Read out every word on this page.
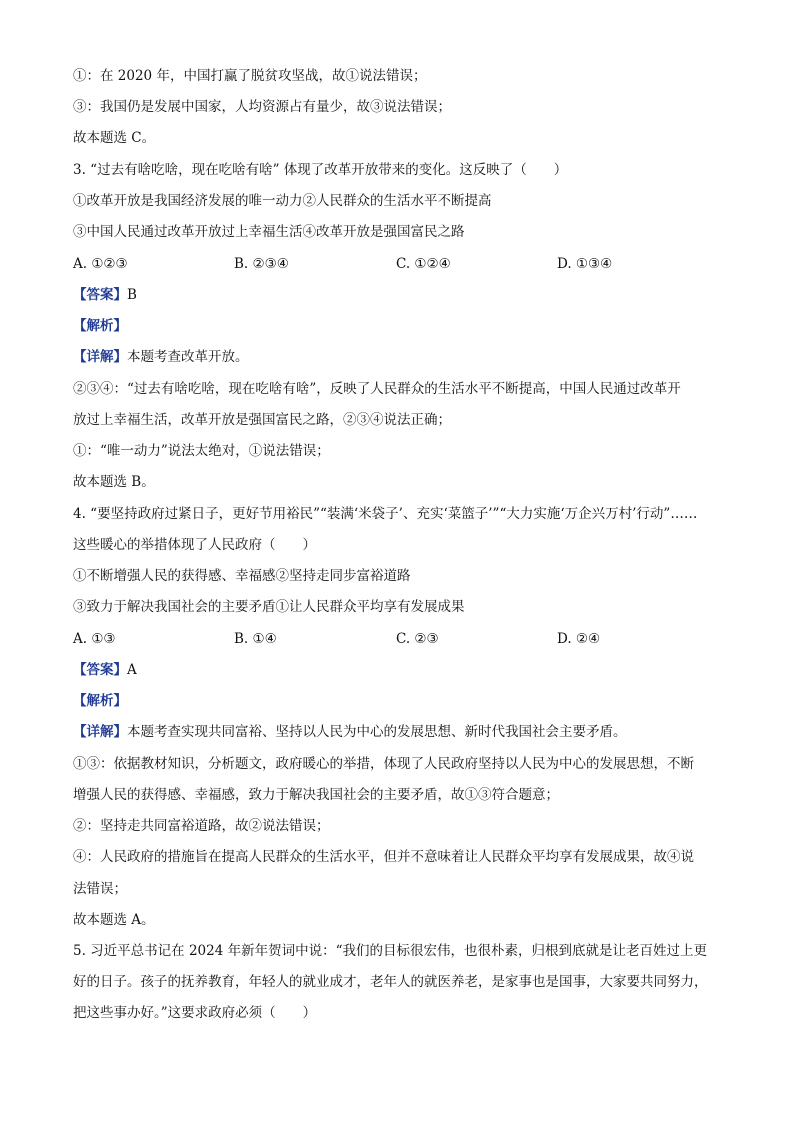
①：在 2020 年，中国打赢了脱贫攻坚战，故①说法错误；
③：我国仍是发展中国家，人均资源占有量少，故③说法错误；
故本题选 C。
3. “过去有啥吃啥，现在吃啥有啥” 体现了改革开放带来的变化。这反映了（　　）
①改革开放是我国经济发展的唯一动力②人民群众的生活水平不断提高
③中国人民通过改革开放过上幸福生活④改革开放是强国富民之路
A. ①②③	B. ②③④	C. ①②④	D. ①③④
【答案】B
【解析】
【详解】本题考查改革开放。
②③④：“过去有啥吃啥，现在吃啥有啥”，反映了人民群众的生活水平不断提高，中国人民通过改革开
放过上幸福生活，改革开放是强国富民之路，②③④说法正确；
①：“唯一动力”说法太绝对，①说法错误；
故本题选 B。
4. “要坚持政府过紧日子，更好节用裕民”“装满‘米袋子’、充实‘菜篮子’”“大力实施‘万企兴万村’行动”……
这些暖心的举措体现了人民政府（　　）
①不断增强人民的获得感、幸福感②坚持走同步富裕道路
③致力于解决我国社会的主要矛盾①让人民群众平均享有发展成果
A. ①③	B. ①④	C. ②③	D. ②④
【答案】A
【解析】
【详解】本题考查实现共同富裕、坚持以人民为中心的发展思想、新时代我国社会主要矛盾。
①③：依据教材知识，分析题文，政府暖心的举措，体现了人民政府坚持以人民为中心的发展思想，不断
增强人民的获得感、幸福感，致力于解决我国社会的主要矛盾，故①③符合题意；
②：坚持走共同富裕道路，故②说法错误；
④：人民政府的措施旨在提高人民群众的生活水平，但并不意味着让人民群众平均享有发展成果，故④说
法错误；
故本题选 A。
5. 习近平总书记在 2024 年新年贺词中说：“我们的目标很宏伟，也很朴素，归根到底就是让老百姓过上更
好的日子。孩子的抚养教育，年轻人的就业成才，老年人的就医养老，是家事也是国事，大家要共同努力，
把这些事办好。”这要求政府必须（　　）
